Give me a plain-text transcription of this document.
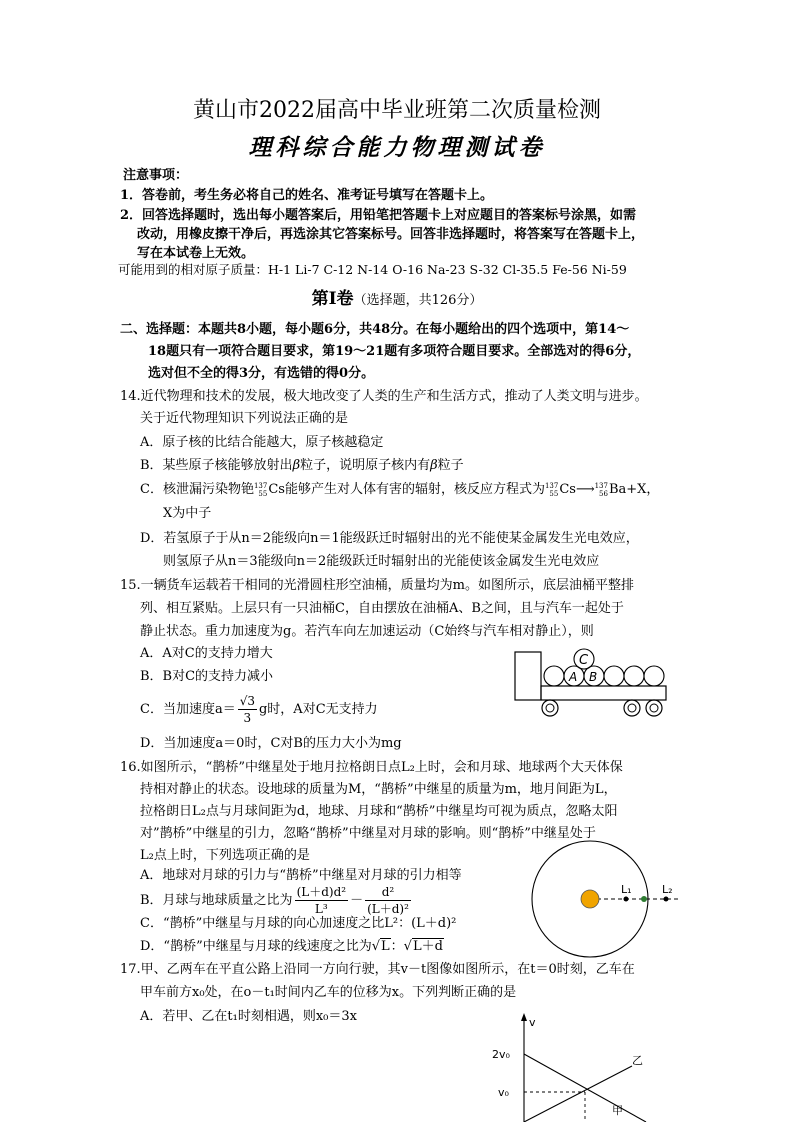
黄山市2022届高中毕业班第二次质量检测
理科综合能力物理测试卷
注意事项：
1．答卷前，考生务必将自己的姓名、准考证号填写在答题卡上。
2．回答选择题时，选出每小题答案后，用铅笔把答题卡上对应题目的答案标号涂黑，如需
改动，用橡皮擦干净后，再选涂其它答案标号。回答非选择题时，将答案写在答题卡上，
写在本试卷上无效。
可能用到的相对原子质量：H-1 Li-7 C-12 N-14 O-16 Na-23 S-32 Cl-35.5 Fe-56 Ni-59
第Ⅰ卷（选择题，共126分）
二、选择题：本题共8小题，每小题6分，共48分。在每小题给出的四个选项中，第14～
18题只有一项符合题目要求，第19～21题有多项符合题目要求。全部选对的得6分，
选对但不全的得3分，有选错的得0分。
14.近代物理和技术的发展，极大地改变了人类的生产和生活方式，推动了人类文明与进步。
关于近代物理知识下列说法正确的是
A．原子核的比结合能越大，原子核越稳定
B．某些原子核能够放射出β粒子，说明原子核内有β粒子
C．核泄漏污染物铯 137
55 Cs能够产生对人体有害的辐射，核反应方程式为 137
55 Cs⟶ 137
56 Ba+X，
X为中子
D．若氢原子于从n＝2能级向n＝1能级跃迁时辐射出的光不能使某金属发生光电效应，
则氢原子从n＝3能级向n＝2能级跃迁时辐射出的光能使该金属发生光电效应
15.一辆货车运载若干相同的光滑圆柱形空油桶，质量均为m。如图所示，底层油桶平整排
列、相互紧贴。上层只有一只油桶C，自由摆放在油桶A、B之间，且与汽车一起处于
静止状态。重力加速度为g。若汽车向左加速运动（C始终与汽车相对静止），则
A．A对C的支持力增大
B．B对C的支持力减小
C．当加速度$a= \frac{√3}{3}$ g时，A对C无支持力
D．当加速度a＝0时，C对B的压力大小为mg
C
A B
16.如图所示，“鹊桥”中继星处于地月拉格朗日点L₂上时，会和月球、地球两个大天体保
持相对静止的状态。设地球的质量为M，“鹊桥”中继星的质量为m，地月间距为L，
拉格朗日L₂点与月球间距为d，地球、月球和“鹊桥”中继星均可视为质点，忽略太阳
对”鹊桥”中继星的引力，忽略“鹊桥”中继星对月球的影响。则“鹊桥”中继星处于
L₂点上时，下列选项正确的是
A．地球对月球的引力与“鹊桥”中继星对月球的引力相等
B．月球与地球质量之比为 $\frac{\text{(L＋d)d²}}{\text{L³}} - \frac{\text{d²}}{\text{(L＋d)²}}$
C．“鹊桥”中继星与月球的向心加速度之比L²：(L＋d)²
D．“鹊桥”中继星与月球的线速度之比为√L：√L＋d
L₁	L₂
17.甲、乙两车在平直公路上沿同一方向行驶，其v－t图像如图所示，在t＝0时刻，乙车在
甲车前方x₀处，在o－t₁时间内乙车的位移为x。下列判断正确的是
A．若甲、乙在t₁时刻相遇，则x₀＝3x	v
2v₀
v₀
乙
甲
